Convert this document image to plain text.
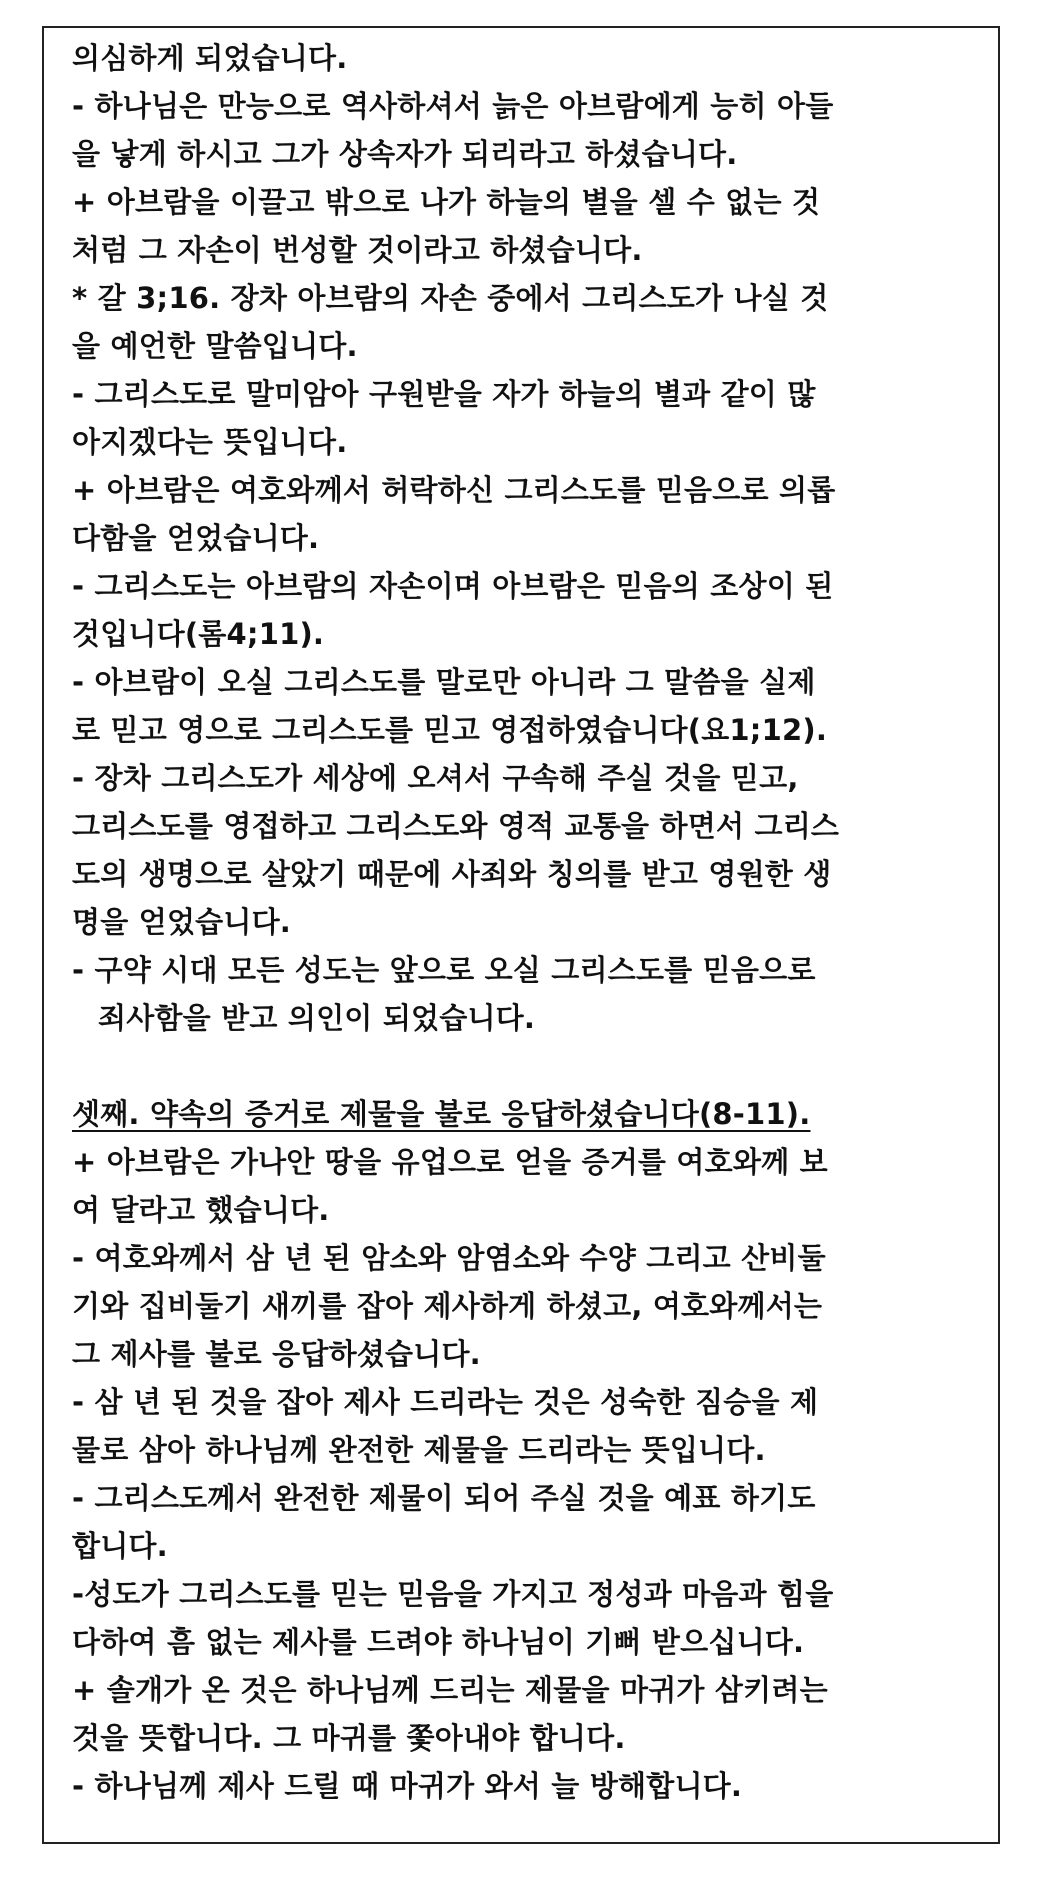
의심하게 되었습니다.
- 하나님은 만능으로 역사하셔서 늙은 아브람에게 능히 아들
을 낳게 하시고 그가 상속자가 되리라고 하셨습니다.
+ 아브람을 이끌고 밖으로 나가 하늘의 별을 셀 수 없는 것
처럼 그 자손이 번성할 것이라고 하셨습니다.
* 갈 3;16. 장차 아브람의 자손 중에서 그리스도가 나실 것
을 예언한 말씀입니다.
- 그리스도로 말미암아 구원받을 자가 하늘의 별과 같이 많
아지겠다는 뜻입니다.
+ 아브람은 여호와께서 허락하신 그리스도를 믿음으로 의롭
다함을 얻었습니다.
- 그리스도는 아브람의 자손이며 아브람은 믿음의 조상이 된
것입니다(롬4;11).
- 아브람이 오실 그리스도를 말로만 아니라 그 말씀을 실제
로 믿고 영으로 그리스도를 믿고 영접하였습니다(요1;12).
- 장차 그리스도가 세상에 오셔서 구속해 주실 것을 믿고,
그리스도를 영접하고 그리스도와 영적 교통을 하면서 그리스
도의 생명으로 살았기 때문에 사죄와 칭의를 받고 영원한 생
명을 얻었습니다.
- 구약 시대 모든 성도는 앞으로 오실 그리스도를 믿음으로
죄사함을 받고 의인이 되었습니다.
셋째. 약속의 증거로 제물을 불로 응답하셨습니다(8-11).
+ 아브람은 가나안 땅을 유업으로 얻을 증거를 여호와께 보
여 달라고 했습니다.
- 여호와께서 삼 년 된 암소와 암염소와 수양 그리고 산비둘
기와 집비둘기 새끼를 잡아 제사하게 하셨고, 여호와께서는
그 제사를 불로 응답하셨습니다.
- 삼 년 된 것을 잡아 제사 드리라는 것은 성숙한 짐승을 제
물로 삼아 하나님께 완전한 제물을 드리라는 뜻입니다.
- 그리스도께서 완전한 제물이 되어 주실 것을 예표 하기도
합니다.
-성도가 그리스도를 믿는 믿음을 가지고 정성과 마음과 힘을
다하여 흠 없는 제사를 드려야 하나님이 기뻐 받으십니다.
+ 솔개가 온 것은 하나님께 드리는 제물을 마귀가 삼키려는
것을 뜻합니다. 그 마귀를 쫓아내야 합니다.
- 하나님께 제사 드릴 때 마귀가 와서 늘 방해합니다.
